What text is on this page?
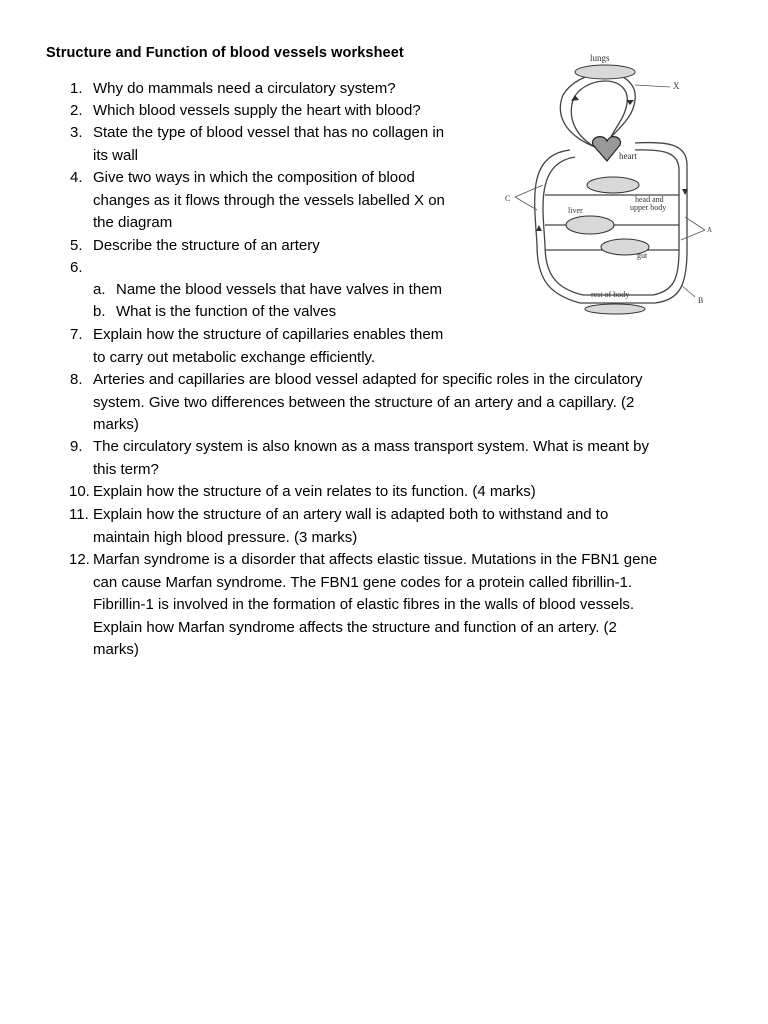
Structure and Function of blood vessels worksheet
1. Why do mammals need a circulatory system?
2. Which blood vessels supply the heart with blood?
3. State the type of blood vessel that has no collagen in
its wall
4. Give two ways in which the composition of blood
changes as it flows through the vessels labelled X on
the diagram
5. Describe the structure of an artery
6.
a. Name the blood vessels that have valves in them
b. What is the function of the valves
7. Explain how the structure of capillaries enables them
to carry out metabolic exchange efficiently.
8. Arteries and capillaries are blood vessel adapted for specific roles in the circulatory
system. Give two differences between the structure of an artery and a capillary. (2
marks)
9. The circulatory system is also known as a mass transport system. What is meant by
this term?
10. Explain how the structure of a vein relates to its function. (4 marks)
11. Explain how the structure of an artery wall is adapted both to withstand and to
maintain high blood pressure. (3 marks)
12. Marfan syndrome is a disorder that affects elastic tissue. Mutations in the FBN1 gene
can cause Marfan syndrome. The FBN1 gene codes for a protein called fibrillin-1.
Fibrillin-1 is involved in the formation of elastic fibres in the walls of blood vessels.
Explain how Marfan syndrome affects the structure and function of an artery. (2
marks)
lungs
X
heart
C	head and
upper body
liver
A
gut
rest of body
B
